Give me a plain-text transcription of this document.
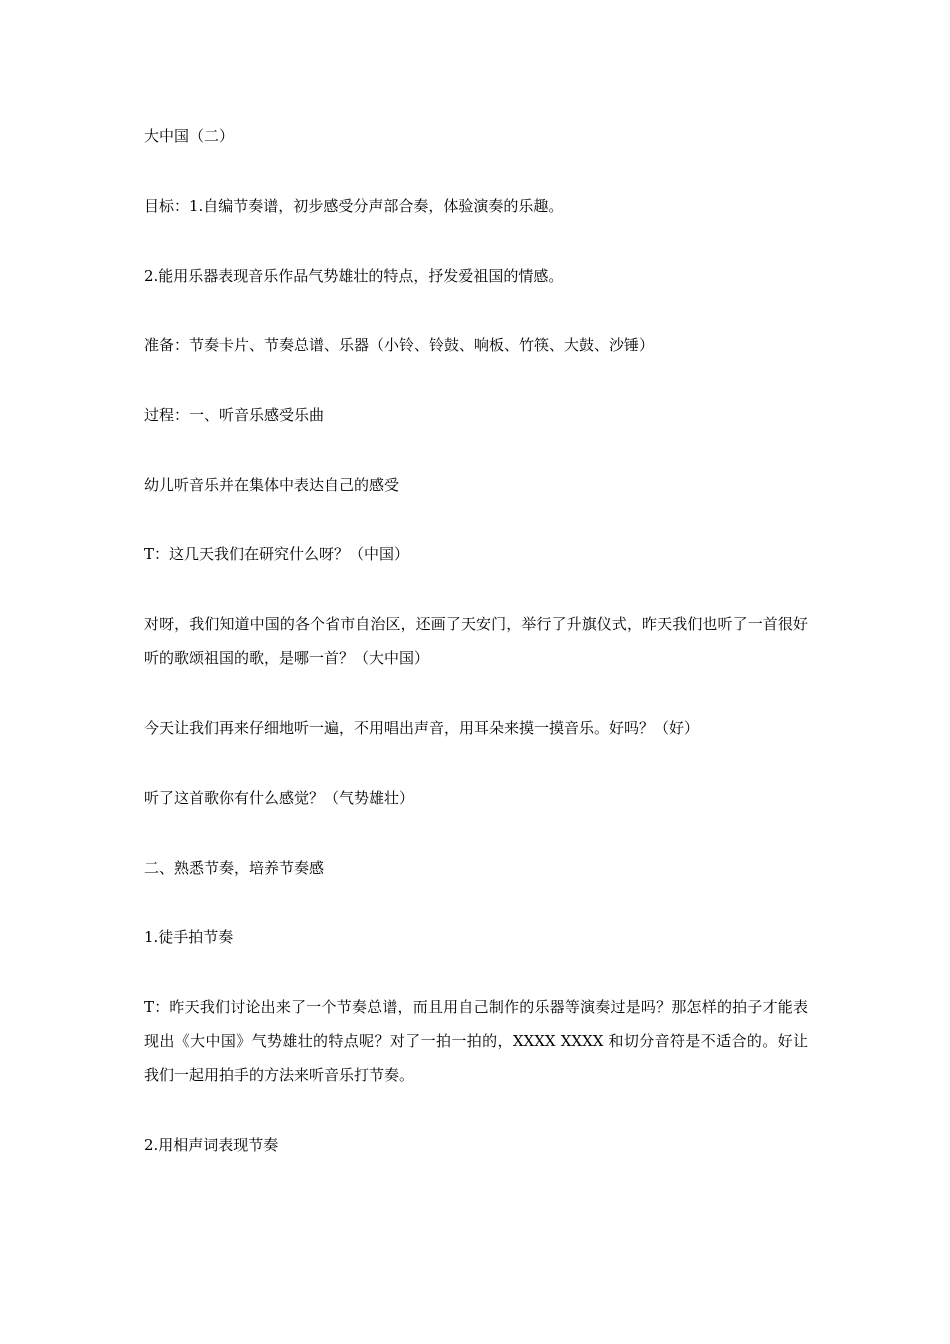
大中国（二）

目标：1.自编节奏谱，初步感受分声部合奏，体验演奏的乐趣。

2.能用乐器表现音乐作品气势雄壮的特点，抒发爱祖国的情感。

准备：节奏卡片、节奏总谱、乐器（小铃、铃鼓、响板、竹筷、大鼓、沙锤）

过程：一、听音乐感受乐曲

幼儿听音乐并在集体中表达自己的感受

T：这几天我们在研究什么呀？（中国）

对呀，我们知道中国的各个省市自治区，还画了天安门，举行了升旗仪式，昨天我们也听了一首很好听的歌颂祖国的歌，是哪一首？（大中国）

今天让我们再来仔细地听一遍，不用唱出声音，用耳朵来摸一摸音乐。好吗？（好）

听了这首歌你有什么感觉？（气势雄壮）

二、熟悉节奏，培养节奏感

1.徒手拍节奏

T：昨天我们讨论出来了一个节奏总谱，而且用自己制作的乐器等演奏过是吗？那怎样的拍子才能表现出《大中国》气势雄壮的特点呢？对了一拍一拍的，XXXX XXXX 和切分音符是不适合的。好让我们一起用拍手的方法来听音乐打节奏。

2.用相声词表现节奏
